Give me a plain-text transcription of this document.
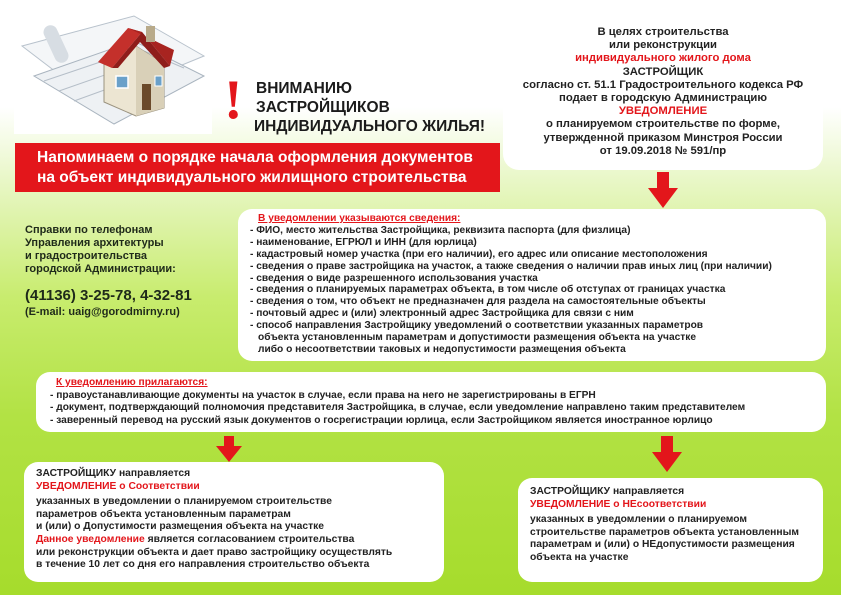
! ВНИМАНИЮ
ЗАСТРОЙЩИКОВ
ИНДИВИДУАЛЬНОГО ЖИЛЬЯ!
Напоминаем о порядке начала оформления документов
на объект индивидуального жилищного строительства
В целях строительства
или реконструкции
индивидуального жилого дома
ЗАСТРОЙЩИК
согласно ст. 51.1 Градостроительного кодекса РФ
подает в городскую Администрацию
УВЕДОМЛЕНИЕ
о планируемом строительстве по форме,
утвержденной приказом Минстроя России
от 19.09.2018 № 591/пр
Справки по телефонам
Управления архитектуры
и градостроительства
городской Администрации:
(41136) 3-25-78, 4-32-81
(E-mail: uaig@gorodmirny.ru)
В уведомлении указываются сведения:
- ФИО, место жительства Застройщика, реквизита паспорта (для физлица)
- наименование, ЕГРЮЛ и ИНН (для юрлица)
- кадастровый номер участка (при его наличии), его адрес или описание местоположения
- сведения о праве застройщика на участок, а также сведения о наличии прав иных лиц (при наличии)
- сведения о виде разрешенного использования участка
- сведения о планируемых параметрах объекта, в том числе об отступах от границах участка
- сведения о том, что объект не предназначен для раздела на самостоятельные объекты
- почтовый адрес и (или) электронный адрес Застройщика для связи с ним
- способ направления Застройщику уведомлений о соответствии указанных параметров
объекта установленным параметрам и допустимости размещения объекта на участке
либо о несоответствии таковых и недопустимости размещения объекта
К уведомлению прилагаются:
- правоустанавливающие документы на участок в случае, если права на него не зарегистрированы в ЕГРН
- документ, подтверждающий полномочия представителя Застройщика, в случае, если уведомление направлено таким представителем
- заверенный перевод на русский язык документов о госрегистрации юрлица, если Застройщиком является иностранное юрлицо
ЗАСТРОЙЩИКУ направляется
УВЕДОМЛЕНИЕ о Соответствии
указанных в уведомлении о планируемом строительстве
параметров объекта установленным параметрам
и (или) о Допустимости размещения объекта на участке
Данное уведомление является согласованием строительства
или реконструкции объекта и дает право застройщику осуществлять
в течение 10 лет со дня его направления строительство объекта
ЗАСТРОЙЩИКУ направляется
УВЕДОМЛЕНИЕ о НЕсоответствии
указанных в уведомлении о планируемом
строительстве параметров объекта установленным
параметрам и (или) о НЕдопустимости размещения
объекта на участке
